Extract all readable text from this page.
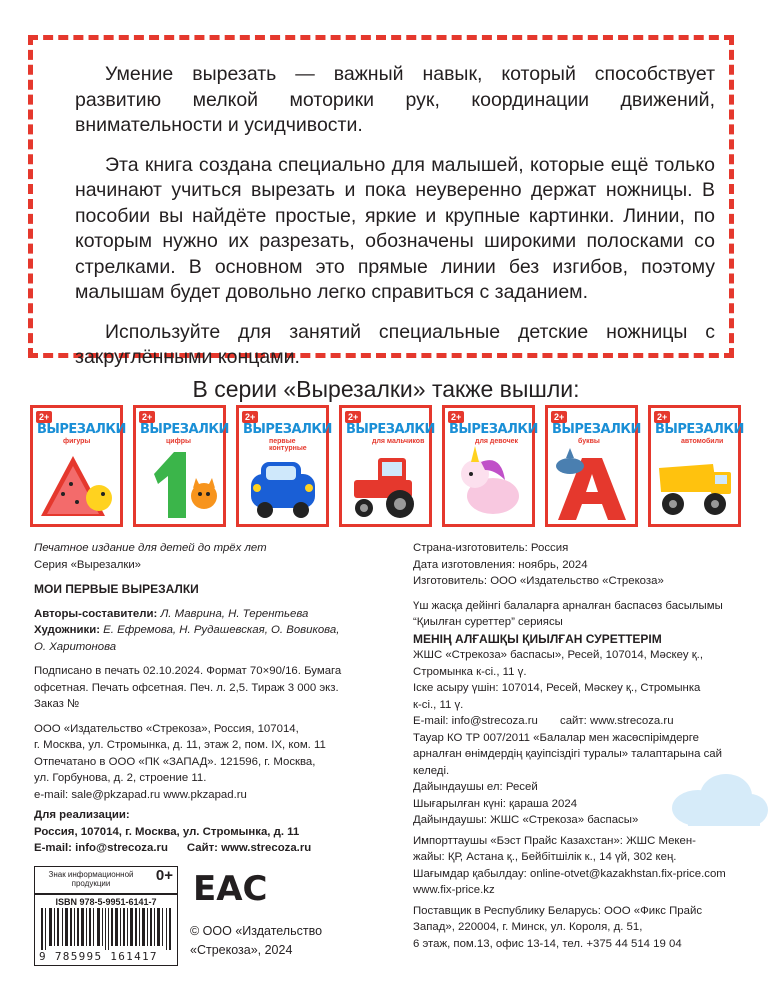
Умение вырезать — важный навык, который способствует развитию мелкой моторики рук, координации движений, внимательности и усидчивости.

Эта книга создана специально для малышей, которые ещё только начинают учиться вырезать и пока неуверенно держат ножницы. В пособии вы найдёте простые, яркие и крупные картинки. Линии, по которым нужно их разрезать, обозначены широкими полосками со стрелками. В основном это прямые линии без изгибов, поэтому малышам будет довольно легко справиться с заданием.

Используйте для занятий специальные детские ножницы с закруглёнными концами.

В серии «Вырезалки» также вышли:
2+
ВЫРЕЗАЛКИ
фигуры
2+
ВЫРЕЗАЛКИ
цифры
2+
ВЫРЕЗАЛКИ
первые контурные
2+
ВЫРЕЗАЛКИ
для мальчиков
2+
ВЫРЕЗАЛКИ
для девочек
2+
ВЫРЕЗАЛКИ
буквы
2+
ВЫРЕЗАЛКИ
автомобили
Печатное издание для детей до трёх лет
Серия «Вырезалки»
МОИ ПЕРВЫЕ ВЫРЕЗАЛКИ
Авторы-составители: Л. Маврина, Н. Терентьева
Художники: Е. Ефремова, Н. Рудашевская, О. Вовикова,
О. Харитонова
Подписано в печать 02.10.2024. Формат 70×90/16. Бумага
офсетная. Печать офсетная. Печ. л. 2,5. Тираж 3 000 экз.
Заказ №
ООО «Издательство «Стрекоза», Россия, 107014,
г. Москва, ул. Стромынка, д. 11, этаж 2, пом. IX, ком. 11
Отпечатано в ООО «ПК «ЗАПАД». 121596, г. Москва,
ул. Горбунова, д. 2, строение 11.
e-mail: sale@pkzapad.ru www.pkzapad.ru
Для реализации:
Россия, 107014, г. Москва, ул. Стромынка, д. 11
E-mail: info@strecoza.ru Сайт: www.strecoza.ru
Страна-изготовитель: Россия
Дата изготовления: ноябрь, 2024
Изготовитель: ООО «Издательство «Стрекоза»
Үш жасқа дейінгі балаларға арналған баспасөз басылымы
“Қиылған суреттер” сериясы
МЕНІҢ АЛҒАШҚЫ ҚИЫЛҒАН СУРЕТТЕРІМ
ЖШС «Стрекоза» баспасы», Ресей, 107014, Мәскеу қ.,
Стромынка к-сі., 11 ү.
Іске асыру үшін: 107014, Ресей, Мәскеу қ., Стромынка
к-сі., 11 ү.
E-mail: info@strecoza.ru сайт: www.strecoza.ru
Тауар КО ТР 007/2011 «Балалар мен жасөспірімдерге
арналған өнімдердің қауіпсіздігі туралы» талаптарына сай
келеді.
Дайындаушы ел: Ресей
Шығарылған күні: қараша 2024
Дайындаушы: ЖШС «Стрекоза» баспасы»
Импорттаушы «Бэст Прайс Казахстан»: ЖШС Мекен-
жайы: ҚР, Астана қ., Бейбітшілік к., 14 үй, 302 кең.
Шағымдар қабылдау: online-otvet@kazakhstan.fix-price.com
www.fix-price.kz
Поставщик в Республику Беларусь: ООО «Фикс Прайс
Запад», 220004, г. Минск, ул. Короля, д. 51,
6 этаж, пом.13, офис 13-14, тел. +375 44 514 19 04
Знак информационной продукции	0+
ISBN 978-5-9951-6141-7
9 785995 161417
EAC
© ООО «Издательство
«Стрекоза», 2024
